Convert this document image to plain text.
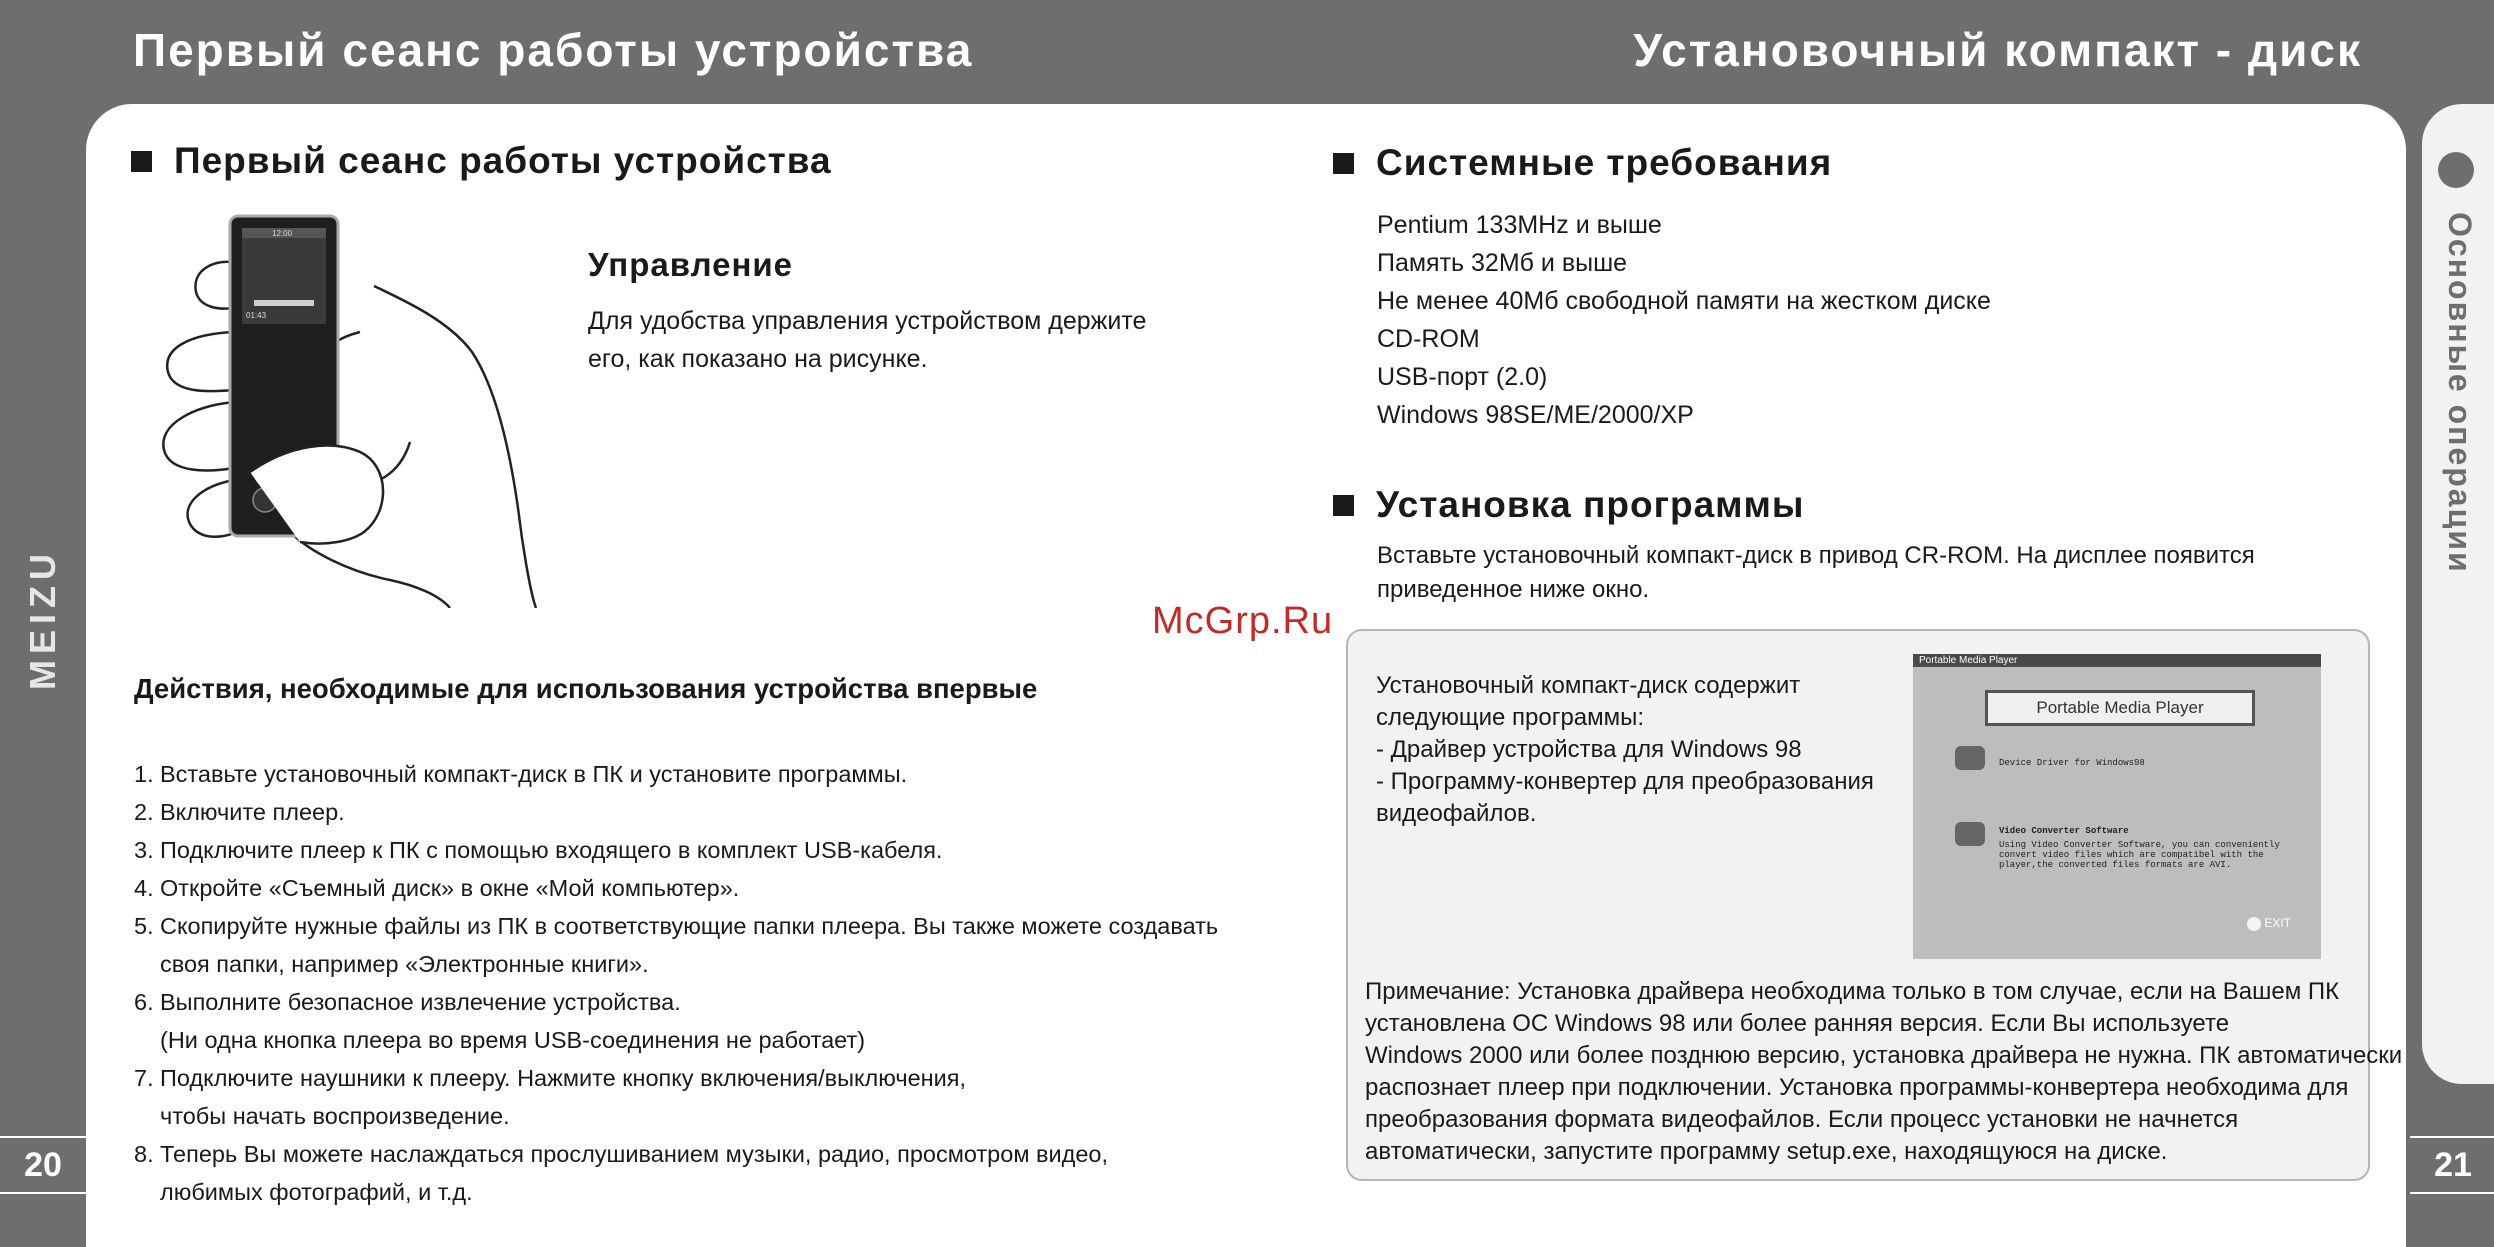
Первый сеанс работы устройства	Установочный компакт - диск
Основные операции
MEIZU
20	21
Первый сеанс работы устройства
12:00
01:43
Управление
Для удобства управления устройством держите
его, как показано на рисунке.
Действия, необходимые для использования устройства впервые
1. Вставьте установочный компакт-диск в ПК и установите программы.
2. Включите плеер.
3. Подключите плеер к ПК с помощью входящего в комплект USB-кабеля.
4. Откройте «Съемный диск» в окне «Мой компьютер».
5. Скопируйте нужные файлы из ПК в соответствующие папки плеера. Вы также можете создавать
своя папки, например «Электронные книги».
6. Выполните безопасное извлечение устройства.
(Ни одна кнопка плеера во время USB-соединения не работает)
7. Подключите наушники к плееру. Нажмите кнопку включения/выключения,
чтобы начать воспроизведение.
8. Теперь Вы можете наслаждаться прослушиванием музыки, радио, просмотром видео,
любимых фотографий, и т.д.
Системные требования
Pentium 133MHz и выше
Память 32Мб и выше
Не менее 40Мб свободной памяти на жестком диске
CD-ROM
USB-порт (2.0)
Windows 98SE/ME/2000/XP
Установка программы
Вставьте установочный компакт-диск в привод CR-ROM. На дисплее появится
приведенное ниже окно.
Установочный компакт-диск содержит
следующие программы:
- Драйвер устройства для Windows 98
- Программу-конвертер для преобразования
видеофайлов.
Portable Media Player
Portable Media Player
Device Driver for Windows98
Video Converter Software
Using Video Converter Software, you can conveniently
convert video files which are compatibel with the
player,the converted files formats are AVI.
EXIT
Примечание: Установка драйвера необходима только в том случае, если на Вашем ПК
установлена ОС Windows 98 или более ранняя версия. Если Вы используете
Windows 2000 или более позднюю версию, установка драйвера не нужна. ПК автоматически
распознает плеер при подключении. Установка программы-конвертера необходима для
преобразования формата видеофайлов. Если процесс установки не начнется
автоматически, запустите программу setup.exe, находящуюся на диске.
McGrp.Ru
